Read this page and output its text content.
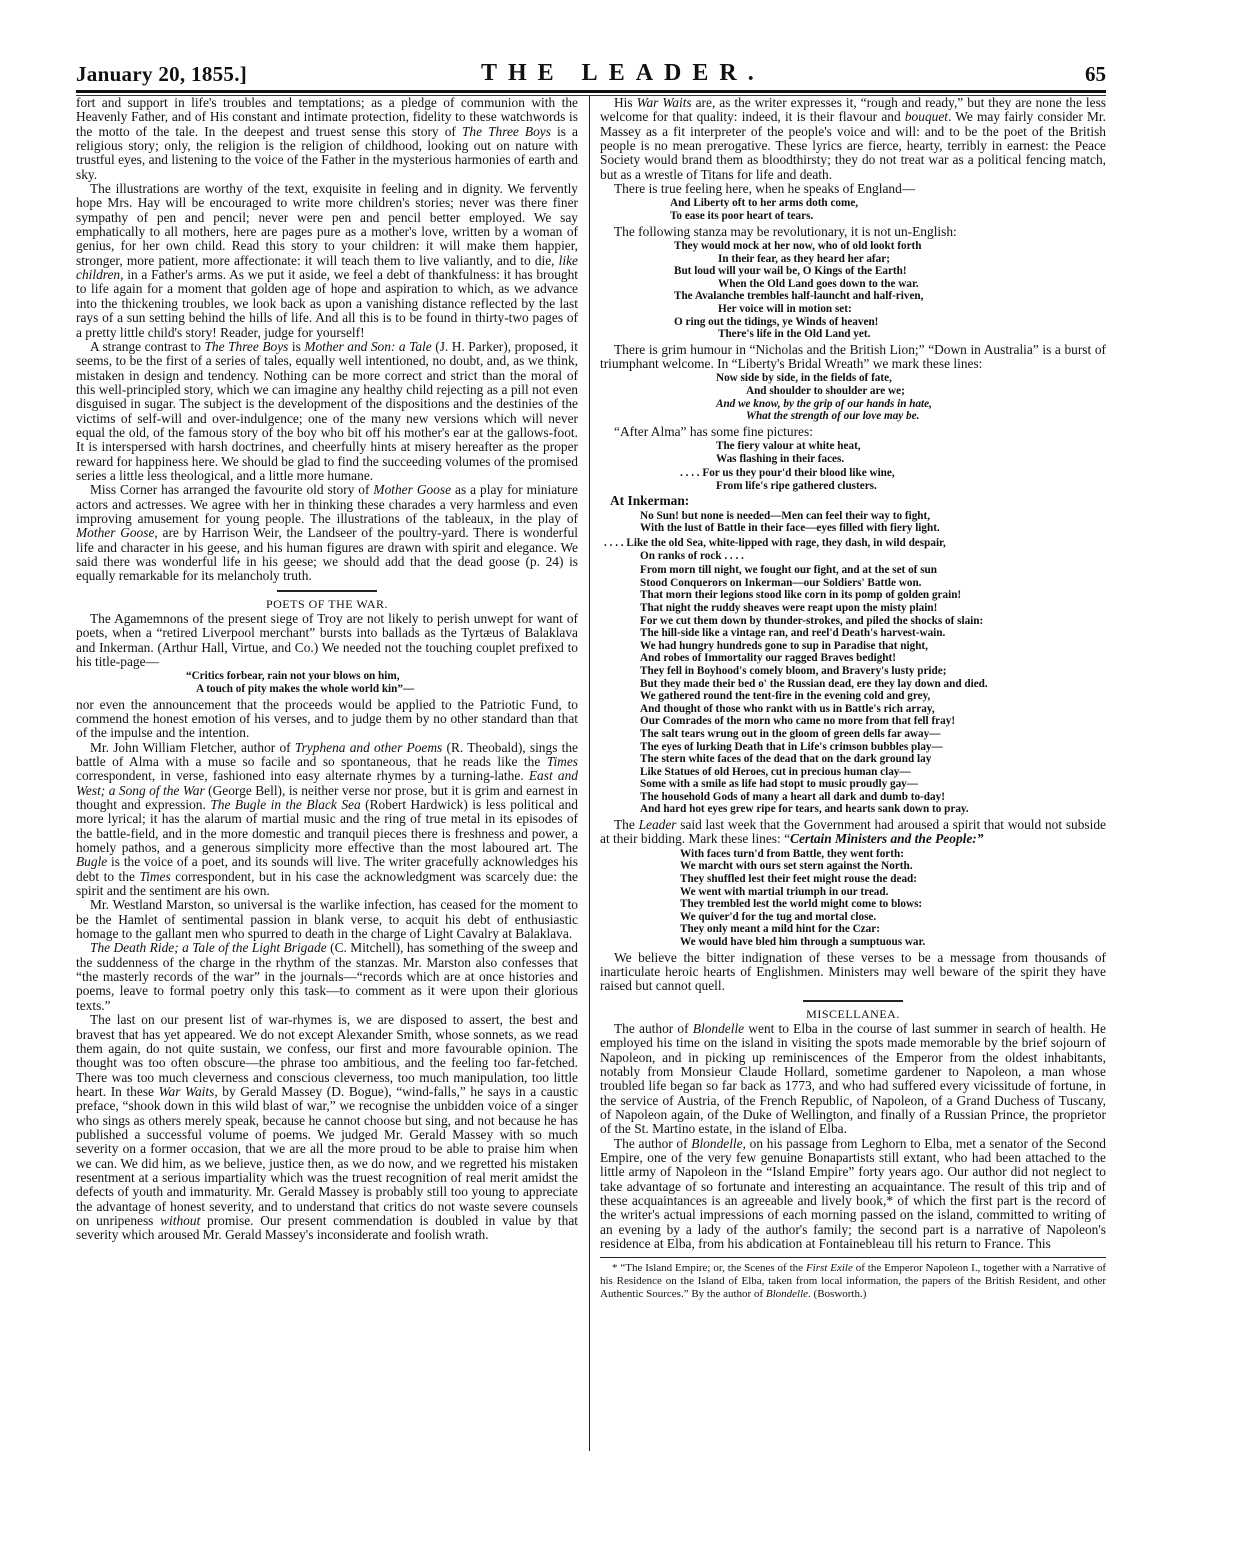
January 20, 1855.]	THE LEADER.	65

fort and support in life's troubles and temptations; as a pledge of communion with the Heavenly Father, and of His constant and intimate protection, fidelity to these watchwords is the motto of the tale. In the deepest and truest sense this story of The Three Boys is a religious story; only, the religion is the religion of childhood, looking out on nature with trustful eyes, and listening to the voice of the Father in the mysterious harmonies of earth and sky.

The illustrations are worthy of the text, exquisite in feeling and in dignity. We fervently hope Mrs. Hay will be encouraged to write more children's stories; never was there finer sympathy of pen and pencil; never were pen and pencil better employed. We say emphatically to all mothers, here are pages pure as a mother's love, written by a woman of genius, for her own child. Read this story to your children: it will make them happier, stronger, more patient, more affectionate: it will teach them to live valiantly, and to die, like children, in a Father's arms. As we put it aside, we feel a debt of thankfulness: it has brought to life again for a moment that golden age of hope and aspiration to which, as we advance into the thickening troubles, we look back as upon a vanishing distance reflected by the last rays of a sun setting behind the hills of life. And all this is to be found in thirty-two pages of a pretty little child's story! Reader, judge for yourself!

A strange contrast to The Three Boys is Mother and Son: a Tale (J. H. Parker), proposed, it seems, to be the first of a series of tales, equally well intentioned, no doubt, and, as we think, mistaken in design and tendency. Nothing can be more correct and strict than the moral of this well-principled story, which we can imagine any healthy child rejecting as a pill not even disguised in sugar. The subject is the development of the dispositions and the destinies of the victims of self-will and over-indulgence; one of the many new versions which will never equal the old, of the famous story of the boy who bit off his mother's ear at the gallows-foot. It is interspersed with harsh doctrines, and cheerfully hints at misery hereafter as the proper reward for happiness here. We should be glad to find the succeeding volumes of the promised series a little less theological, and a little more humane.

Miss Corner has arranged the favourite old story of Mother Goose as a play for miniature actors and actresses. We agree with her in thinking these charades a very harmless and even improving amusement for young people. The illustrations of the tableaux, in the play of Mother Goose, are by Harrison Weir, the Landseer of the poultry-yard. There is wonderful life and character in his geese, and his human figures are drawn with spirit and elegance. We said there was wonderful life in his geese; we should add that the dead goose (p. 24) is equally remarkable for its melancholy truth.

POETS OF THE WAR.

The Agamemnons of the present siege of Troy are not likely to perish unwept for want of poets, when a “retired Liverpool merchant” bursts into ballads as the Tyrtæus of Balaklava and Inkerman. (Arthur Hall, Virtue, and Co.) We needed not the touching couplet prefixed to his title-page—

“Critics forbear, rain not your blows on him,
A touch of pity makes the whole world kin”—

nor even the announcement that the proceeds would be applied to the Patriotic Fund, to commend the honest emotion of his verses, and to judge them by no other standard than that of the impulse and the intention.

Mr. John William Fletcher, author of Tryphena and other Poems (R. Theobald), sings the battle of Alma with a muse so facile and so spontaneous, that he reads like the Times correspondent, in verse, fashioned into easy alternate rhymes by a turning-lathe. East and West; a Song of the War (George Bell), is neither verse nor prose, but it is grim and earnest in thought and expression. The Bugle in the Black Sea (Robert Hardwick) is less political and more lyrical; it has the alarum of martial music and the ring of true metal in its episodes of the battle-field, and in the more domestic and tranquil pieces there is freshness and power, a homely pathos, and a generous simplicity more effective than the most laboured art. The Bugle is the voice of a poet, and its sounds will live. The writer gracefully acknowledges his debt to the Times correspondent, but in his case the acknowledgment was scarcely due: the spirit and the sentiment are his own.

Mr. Westland Marston, so universal is the warlike infection, has ceased for the moment to be the Hamlet of sentimental passion in blank verse, to acquit his debt of enthusiastic homage to the gallant men who spurred to death in the charge of Light Cavalry at Balaklava.

The Death Ride; a Tale of the Light Brigade (C. Mitchell), has something of the sweep and the suddenness of the charge in the rhythm of the stanzas. Mr. Marston also confesses that “the masterly records of the war” in the journals—“records which are at once histories and poems, leave to formal poetry only this task—to comment as it were upon their glorious texts.”

The last on our present list of war-rhymes is, we are disposed to assert, the best and bravest that has yet appeared. We do not except Alexander Smith, whose sonnets, as we read them again, do not quite sustain, we confess, our first and more favourable opinion. The thought was too often obscure—the phrase too ambitious, and the feeling too far-fetched. There was too much cleverness and conscious cleverness, too much manipulation, too little heart. In these War Waits, by Gerald Massey (D. Bogue), “wind-falls,” he says in a caustic preface, “shook down in this wild blast of war,” we recognise the unbidden voice of a singer who sings as others merely speak, because he cannot choose but sing, and not because he has published a successful volume of poems. We judged Mr. Gerald Massey with so much severity on a former occasion, that we are all the more proud to be able to praise him when we can. We did him, as we believe, justice then, as we do now, and we regretted his mistaken resentment at a serious impartiality which was the truest recognition of real merit amidst the defects of youth and immaturity. Mr. Gerald Massey is probably still too young to appreciate the advantage of honest severity, and to understand that critics do not waste severe counsels on unripeness without promise. Our present commendation is doubled in value by that severity which aroused Mr. Gerald Massey's inconsiderate and foolish wrath.

His War Waits are, as the writer expresses it, “rough and ready,” but they are none the less welcome for that quality: indeed, it is their flavour and bouquet. We may fairly consider Mr. Massey as a fit interpreter of the people's voice and will: and to be the poet of the British people is no mean prerogative. These lyrics are fierce, hearty, terribly in earnest: the Peace Society would brand them as bloodthirsty; they do not treat war as a political fencing match, but as a wrestle of Titans for life and death.

There is true feeling here, when he speaks of England—

And Liberty oft to her arms doth come,
To ease its poor heart of tears.

The following stanza may be revolutionary, it is not un-English:

They would mock at her now, who of old lookt forth
In their fear, as they heard her afar;
But loud will your wail be, O Kings of the Earth!
When the Old Land goes down to the war.
The Avalanche trembles half-launcht and half-riven,
Her voice will in motion set:
O ring out the tidings, ye Winds of heaven!
There's life in the Old Land yet.

There is grim humour in “Nicholas and the British Lion;” “Down in Australia” is a burst of triumphant welcome. In “Liberty's Bridal Wreath” we mark these lines:

Now side by side, in the fields of fate,
And shoulder to shoulder are we;
And we know, by the grip of our hands in hate,
What the strength of our love may be.

“After Alma” has some fine pictures:

The fiery valour at white heat,
Was flashing in their faces.
. . . . For us they pour'd their blood like wine,
From life's ripe gathered clusters.

At Inkerman:

No Sun! but none is needed—Men can feel their way to fight,
With the lust of Battle in their face—eyes filled with fiery light.
. . . . Like the old Sea, white-lipped with rage, they dash, in wild despair,
On ranks of rock . . . .
From morn till night, we fought our fight, and at the set of sun
Stood Conquerors on Inkerman—our Soldiers' Battle won.
That morn their legions stood like corn in its pomp of golden grain!
That night the ruddy sheaves were reapt upon the misty plain!
For we cut them down by thunder-strokes, and piled the shocks of slain:
The hill-side like a vintage ran, and reel'd Death's harvest-wain.
We had hungry hundreds gone to sup in Paradise that night,
And robes of Immortality our ragged Braves bedight!
They fell in Boyhood's comely bloom, and Bravery's lusty pride;
But they made their bed o' the Russian dead, ere they lay down and died.
We gathered round the tent-fire in the evening cold and grey,
And thought of those who rankt with us in Battle's rich array,
Our Comrades of the morn who came no more from that fell fray!
The salt tears wrung out in the gloom of green dells far away—
The eyes of lurking Death that in Life's crimson bubbles play—
The stern white faces of the dead that on the dark ground lay
Like Statues of old Heroes, cut in precious human clay—
Some with a smile as life had stopt to music proudly gay—
The household Gods of many a heart all dark and dumb to-day!
And hard hot eyes grew ripe for tears, and hearts sank down to pray.

The Leader said last week that the Government had aroused a spirit that would not subside at their bidding. Mark these lines: “Certain Ministers and the People:”

With faces turn'd from Battle, they went forth:
We marcht with ours set stern against the North.
They shuffled lest their feet might rouse the dead:
We went with martial triumph in our tread.
They trembled lest the world might come to blows:
We quiver'd for the tug and mortal close.
They only meant a mild hint for the Czar:
We would have bled him through a sumptuous war.

We believe the bitter indignation of these verses to be a message from thousands of inarticulate heroic hearts of Englishmen. Ministers may well beware of the spirit they have raised but cannot quell.

MISCELLANEA.

The author of Blondelle went to Elba in the course of last summer in search of health. He employed his time on the island in visiting the spots made memorable by the brief sojourn of Napoleon, and in picking up reminiscences of the Emperor from the oldest inhabitants, notably from Monsieur Claude Hollard, sometime gardener to Napoleon, a man whose troubled life began so far back as 1773, and who had suffered every vicissitude of fortune, in the service of Austria, of the French Republic, of Napoleon, of a Grand Duchess of Tuscany, of Napoleon again, of the Duke of Wellington, and finally of a Russian Prince, the proprietor of the St. Martino estate, in the island of Elba.

The author of Blondelle, on his passage from Leghorn to Elba, met a senator of the Second Empire, one of the very few genuine Bonapartists still extant, who had been attached to the little army of Napoleon in the “Island Empire” forty years ago. Our author did not neglect to take advantage of so fortunate and interesting an acquaintance. The result of this trip and of these acquaintances is an agreeable and lively book,* of which the first part is the record of the writer's actual impressions of each morning passed on the island, committed to writing of an evening by a lady of the author's family; the second part is a narrative of Napoleon's residence at Elba, from his abdication at Fontainebleau till his return to France. This

* “The Island Empire; or, the Scenes of the First Exile of the Emperor Napoleon I., together with a Narrative of his Residence on the Island of Elba, taken from local information, the papers of the British Resident, and other Authentic Sources.” By the author of Blondelle. (Bosworth.)
